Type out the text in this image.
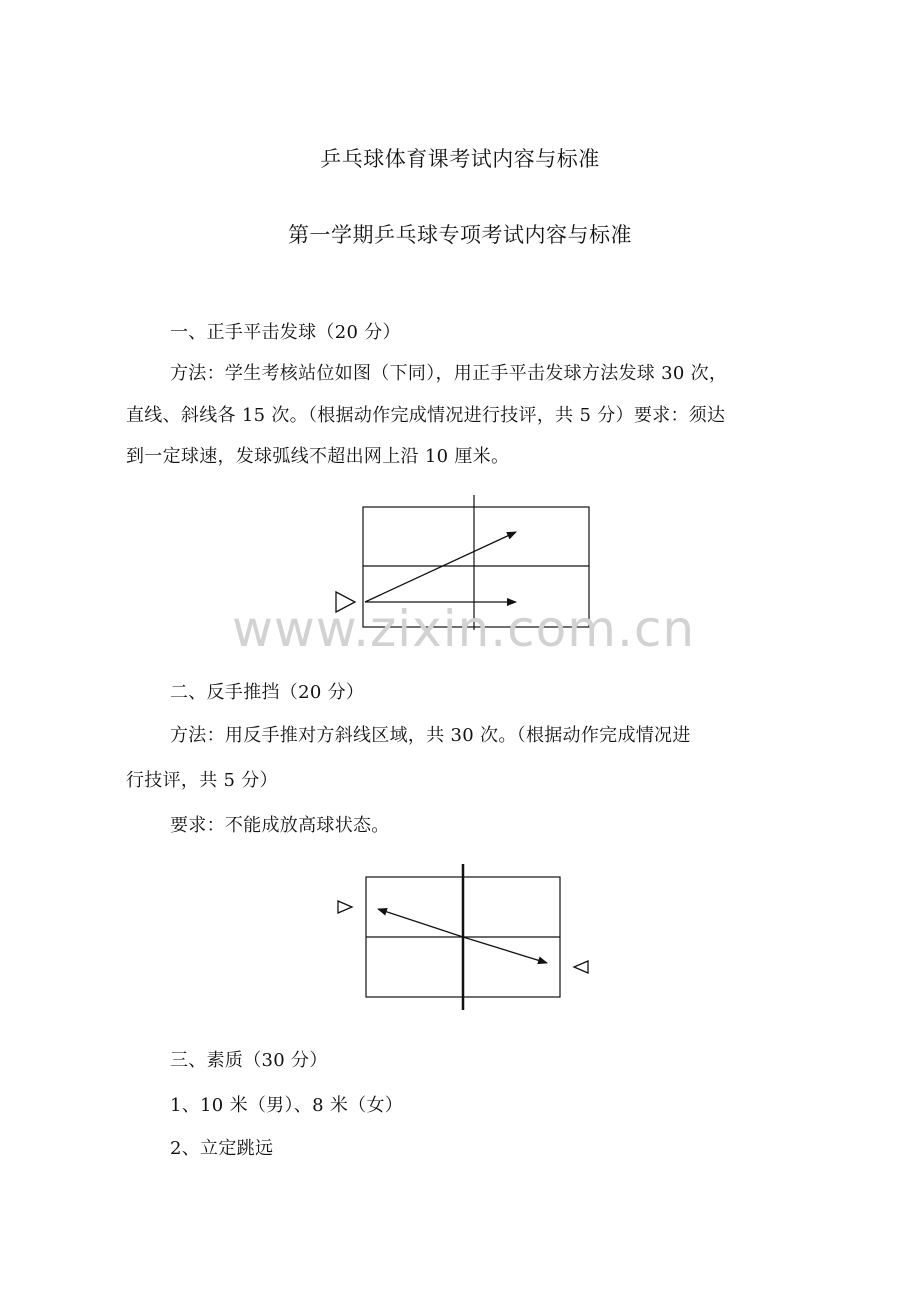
乒乓球体育课考试内容与标准
第一学期乒乓球专项考试内容与标准
一、正手平击发球（20 分）
方法：学生考核站位如图（下同），用正手平击发球方法发球 30 次，
直线、斜线各 15 次。（根据动作完成情况进行技评，共 5 分）要求：须达
到一定球速，发球弧线不超出网上沿 10 厘米。
www.zixin.com.cn
二、反手推挡（20 分）
方法：用反手推对方斜线区域，共 30 次。（根据动作完成情况进
行技评，共 5 分）
要求：不能成放高球状态。
三、素质（30 分）
1、10 米（男）、8 米（女）
2、立定跳远
